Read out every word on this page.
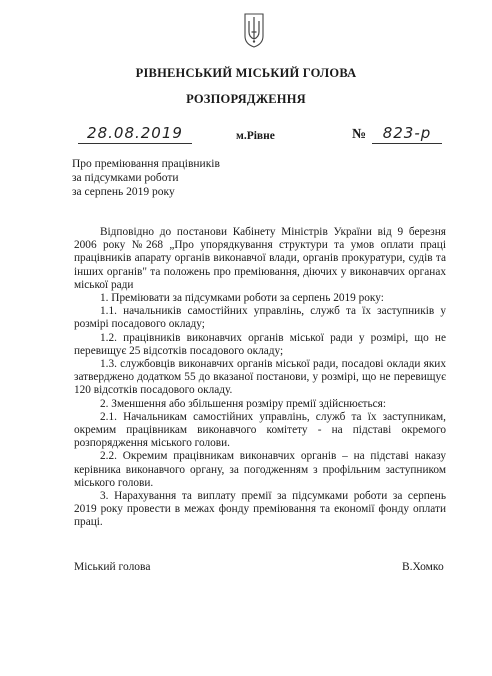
РІВНЕНСЬКИЙ МІСЬКИЙ ГОЛОВА
РОЗПОРЯДЖЕННЯ
28.08.2019	м.Рівне	№	823-р
Про преміювання працівників
за підсумками роботи
за серпень 2019 року

Відповідно до постанови Кабінету Міністрів України від 9 березня 2006 року №268 „Про упорядкування структури та умов оплати праці працівників апарату органів виконавчої влади, органів прокуратури, судів та інших органів" та положень про преміювання, діючих у виконавчих органах міської ради

1. Преміювати за підсумками роботи за серпень 2019 року:

1.1. начальників самостійних управлінь, служб та їх заступників у розмірі посадового окладу;

1.2. працівників виконавчих органів міської ради у розмірі, що не перевищує 25 відсотків посадового окладу;

1.3. службовців виконавчих органів міської ради, посадові оклади яких затверджено додатком 55 до вказаної постанови, у розмірі, що не перевищує 120 відсотків посадового окладу.

2. Зменшення або збільшення розміру премії здійснюється:

2.1. Начальникам самостійних управлінь, служб та їх заступникам, окремим працівникам виконавчого комітету - на підставі окремого розпорядження міського голови.

2.2. Окремим працівникам виконавчих органів – на підставі наказу керівника виконавчого органу, за погодженням з профільним заступником міського голови.

3. Нарахування та виплату премії за підсумками роботи за серпень 2019 року провести в межах фонду преміювання та економії фонду оплати праці.

Міський голова	В.Хомко
